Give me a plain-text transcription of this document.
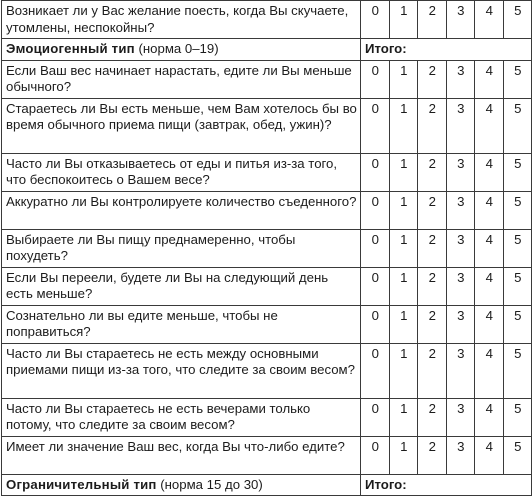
Возникает ли у Вас желание поесть, когда Вы скучаете, утомлены, неспокойны?	0	1	2	3	4	5
Эмоциогенный тип (норма 0–19)	Итого:					
Если Ваш вес начинает нарастать, едите ли Вы меньше обычного?	0	1	2	3	4	5
Стараетесь ли Вы есть меньше, чем Вам хотелось бы во время обычного приема пищи (завтрак, обед, ужин)?	0	1	2	3	4	5
Часто ли Вы отказываетесь от еды и питья из-за того, что беспокоитесь о Вашем весе?	0	1	2	3	4	5
Аккуратно ли Вы контролируете количество съеденного?	0	1	2	3	4	5
Выбираете ли Вы пищу преднамеренно, чтобы похудеть?	0	1	2	3	4	5
Если Вы переели, будете ли Вы на следующий день есть меньше?	0	1	2	3	4	5
Сознательно ли вы едите меньше, чтобы не поправиться?	0	1	2	3	4	5
Часто ли Вы стараетесь не есть между основными приемами пищи из-за того, что следите за своим весом?	0	1	2	3	4	5
Часто ли Вы стараетесь не есть вечерами только потому, что следите за своим весом?	0	1	2	3	4	5
Имеет ли значение Ваш вес, когда Вы что-либо едите?	0	1	2	3	4	5
Ограничительный тип (норма 15 до 30)	Итого:					
